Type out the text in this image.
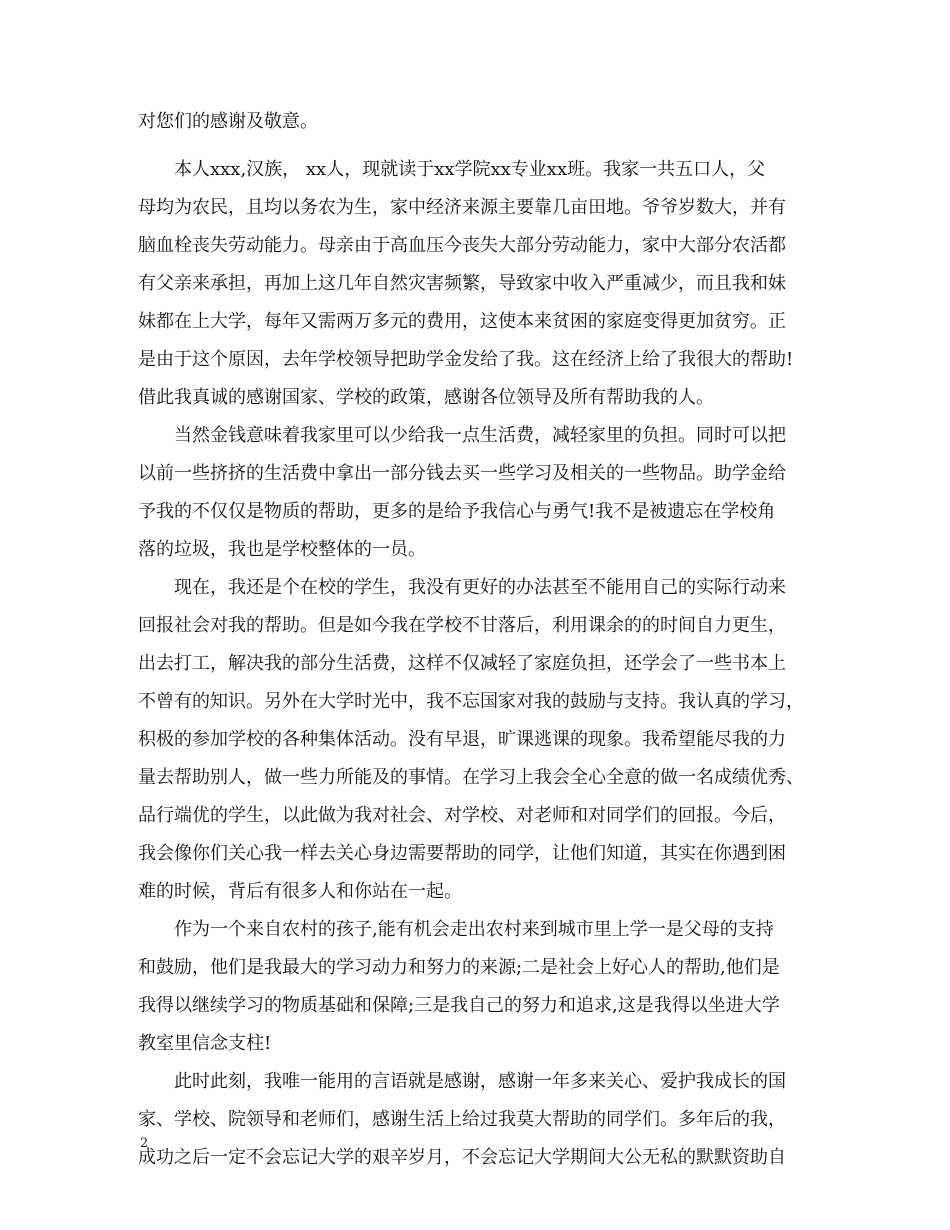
对您们的感谢及敬意。
　　本人xxx,汉族， xx人，现就读于xx学院xx专业xx班。我家一共五口人，父
母均为农民，且均以务农为生，家中经济来源主要靠几亩田地。爷爷岁数大，并有
脑血栓丧失劳动能力。母亲由于高血压今丧失大部分劳动能力，家中大部分农活都
有父亲来承担，再加上这几年自然灾害频繁，导致家中收入严重减少，而且我和妹
妹都在上大学，每年又需两万多元的费用，这使本来贫困的家庭变得更加贫穷。正
是由于这个原因，去年学校领导把助学金发给了我。这在经济上给了我很大的帮助!
借此我真诚的感谢国家、学校的政策，感谢各位领导及所有帮助我的人。
　　当然金钱意味着我家里可以少给我一点生活费，减轻家里的负担。同时可以把
以前一些挤挤的生活费中拿出一部分钱去买一些学习及相关的一些物品。助学金给
予我的不仅仅是物质的帮助，更多的是给予我信心与勇气!我不是被遗忘在学校角
落的垃圾，我也是学校整体的一员。
　　现在，我还是个在校的学生，我没有更好的办法甚至不能用自己的实际行动来
回报社会对我的帮助。但是如今我在学校不甘落后，利用课余的的时间自力更生，
出去打工，解决我的部分生活费，这样不仅减轻了家庭负担，还学会了一些书本上
不曾有的知识。另外在大学时光中，我不忘国家对我的鼓励与支持。我认真的学习，
积极的参加学校的各种集体活动。没有早退，旷课逃课的现象。我希望能尽我的力
量去帮助别人，做一些力所能及的事情。在学习上我会全心全意的做一名成绩优秀、
品行端优的学生，以此做为我对社会、对学校、对老师和对同学们的回报。今后，
我会像你们关心我一样去关心身边需要帮助的同学，让他们知道，其实在你遇到困
难的时候，背后有很多人和你站在一起。
　　作为一个来自农村的孩子,能有机会走出农村来到城市里上学一是父母的支持
和鼓励，他们是我最大的学习动力和努力的来源;二是社会上好心人的帮助,他们是
我得以继续学习的物质基础和保障;三是我自己的努力和追求,这是我得以坐进大学
教室里信念支柱!
　　此时此刻，我唯一能用的言语就是感谢，感谢一年多来关心、爱护我成长的国
家、学校、院领导和老师们，感谢生活上给过我莫大帮助的同学们。多年后的我，
成功之后一定不会忘记大学的艰辛岁月，不会忘记大学期间大公无私的默默资助自
2
